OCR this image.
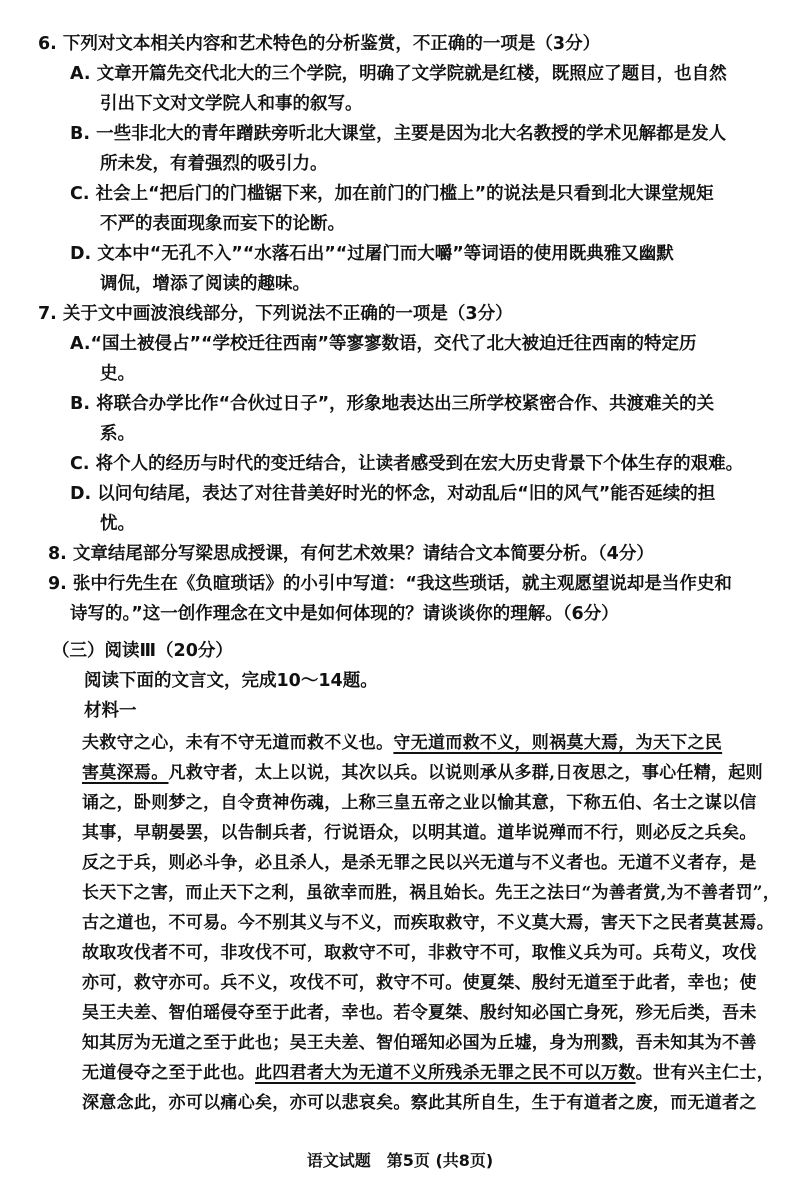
6. 下列对文本相关内容和艺术特色的分析鉴赏，不正确的一项是（3分）
A. 文章开篇先交代北大的三个学院，明确了文学院就是红楼，既照应了题目，也自然
引出下文对文学院人和事的叙写。
B. 一些非北大的青年蹭趺旁听北大课堂，主要是因为北大名教授的学术见解都是发人
所未发，有着强烈的吸引力。
C. 社会上“把后门的门槛锯下来，加在前门的门槛上”的说法是只看到北大课堂规矩
不严的表面现象而妄下的论断。
D. 文本中“无孔不入”“水落石出”“过屠门而大嚼”等词语的使用既典雅又幽默
调侃，增添了阅读的趣味。
7. 关于文中画波浪线部分，下列说法不正确的一项是（3分）
A.“国土被侵占”“学校迁往西南”等寥寥数语，交代了北大被迫迁往西南的特定历
史。
B. 将联合办学比作“合伙过日子”，形象地表达出三所学校紧密合作、共渡难关的关
系。
C. 将个人的经历与时代的变迁结合，让读者感受到在宏大历史背景下个体生存的艰难。
D. 以问句结尾，表达了对往昔美好时光的怀念，对动乱后“旧的风气”能否延续的担
忧。
8. 文章结尾部分写梁思成授课，有何艺术效果？请结合文本简要分析。（4分）
9. 张中行先生在《负暄琐话》的小引中写道：“我这些琐话，就主观愿望说却是当作史和
诗写的。”这一创作理念在文中是如何体现的？请谈谈你的理解。（6分）
（三）阅读Ⅲ（20分）
阅读下面的文言文，完成10～14题。
材料一
夫救守之心，未有不守无道而救不义也。守无道而救不义，则祸莫大焉，为天下之民
害莫深焉。凡救守者，太上以说，其次以兵。以说则承从多群,日夜思之，事心任精，起则
诵之，卧则梦之，自令贲神伤魂，上称三皇五帝之业以愉其意，下称五伯、名士之谋以信
其事，早朝晏罢，以告制兵者，行说语众，以明其道。道毕说殚而不行，则必反之兵矣。
反之于兵，则必斗争，必且杀人，是杀无罪之民以兴无道与不义者也。无道不义者存，是
长天下之害，而止天下之利，虽欲幸而胜，祸且始长。先王之法曰“为善者赏,为不善者罚”，
古之道也，不可易。今不别其义与不义，而疾取救守，不义莫大焉，害天下之民者莫甚焉。
故取攻伐者不可，非攻伐不可，取救守不可，非救守不可，取惟义兵为可。兵苟义，攻伐
亦可，救守亦可。兵不义，攻伐不可，救守不可。使夏桀、殷纣无道至于此者，幸也；使
吴王夫差、智伯瑶侵夺至于此者，幸也。若令夏桀、殷纣知必国亡身死，殄无后类，吾未
知其厉为无道之至于此也；吴王夫差、智伯瑶知必国为丘墟，身为刑戮，吾未知其为不善
无道侵夺之至于此也。此四君者大为无道不义所残杀无罪之民不可以万数。世有兴主仁士，
深意念此，亦可以痛心矣，亦可以悲哀矣。察此其所自生，生于有道者之废，而无道者之
语文试题　第5页 (共8页)
